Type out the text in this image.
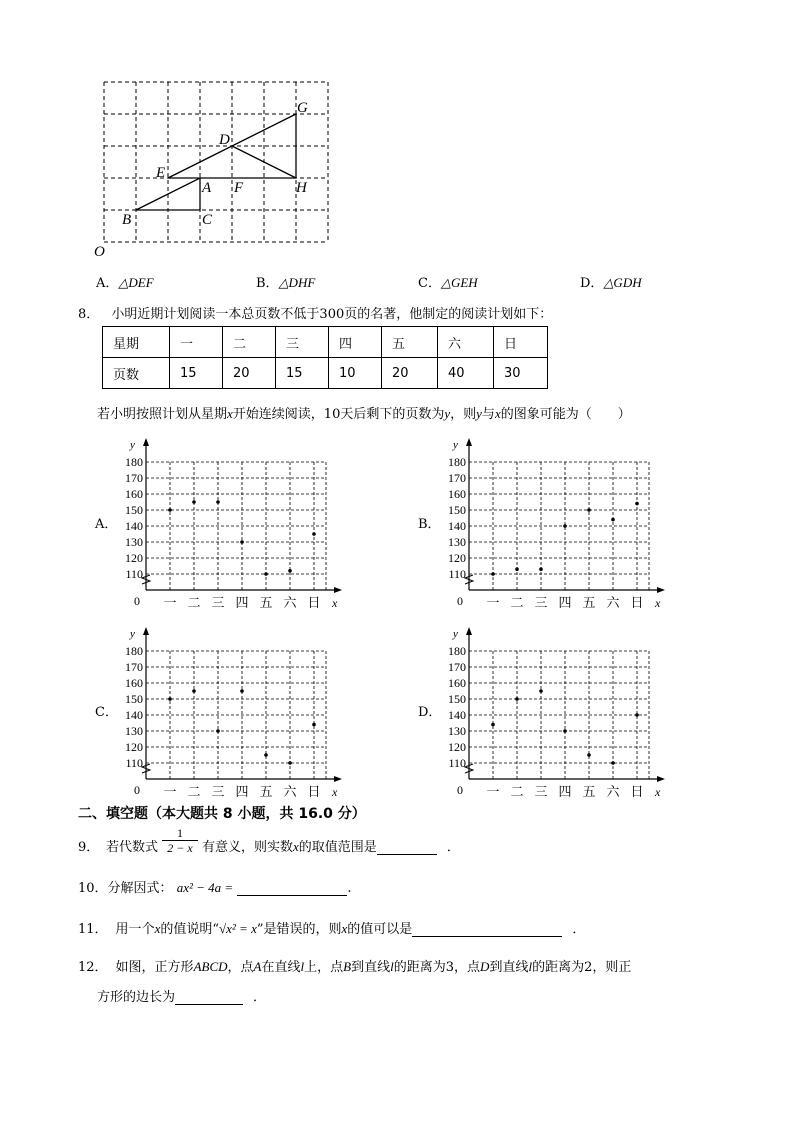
G
D
E
A F	H
B	C
O
A．△DEF	B．△DHF	C．△GEH	D．△GDH
8． 小明近期计划阅读一本总页数不低于300页的名著，他制定的阅读计划如下：
星期	一	二	三	四	五	六	日
页数	15	20	15	10	20	40	30
若小明按照计划从星期x开始连续阅读，10天后剩下的页数为y，则y与x的图象可能为（　　）
A．
y
x
0
110
120
130
140
150
160
170
180
一 二 三 四 五 六 日
B．
y
x
0
110
120
130
140
150
160
170
180
一 二 三 四 五 六 日
C．
y
x
0
110
120
130
140
150
160
170
180
一 二 三 四 五 六 日
D．
y
x
0
110
120
130
140
150
160
170
180
一 二 三 四 五 六 日
二、填空题（本大题共 8 小题，共 16.0 分）
9． 若代数式
1
2 − x 有意义，则实数x的取值范围是	．
10．分解因式： ax² − 4a =	.
11． 用一个x的值说明“√x² = x”是错误的，则x的值可以是	．
12． 如图，正方形ABCD，点A在直线l上，点B到直线l的距离为3，点D到直线l的距离为2，则正
方形的边长为	．
